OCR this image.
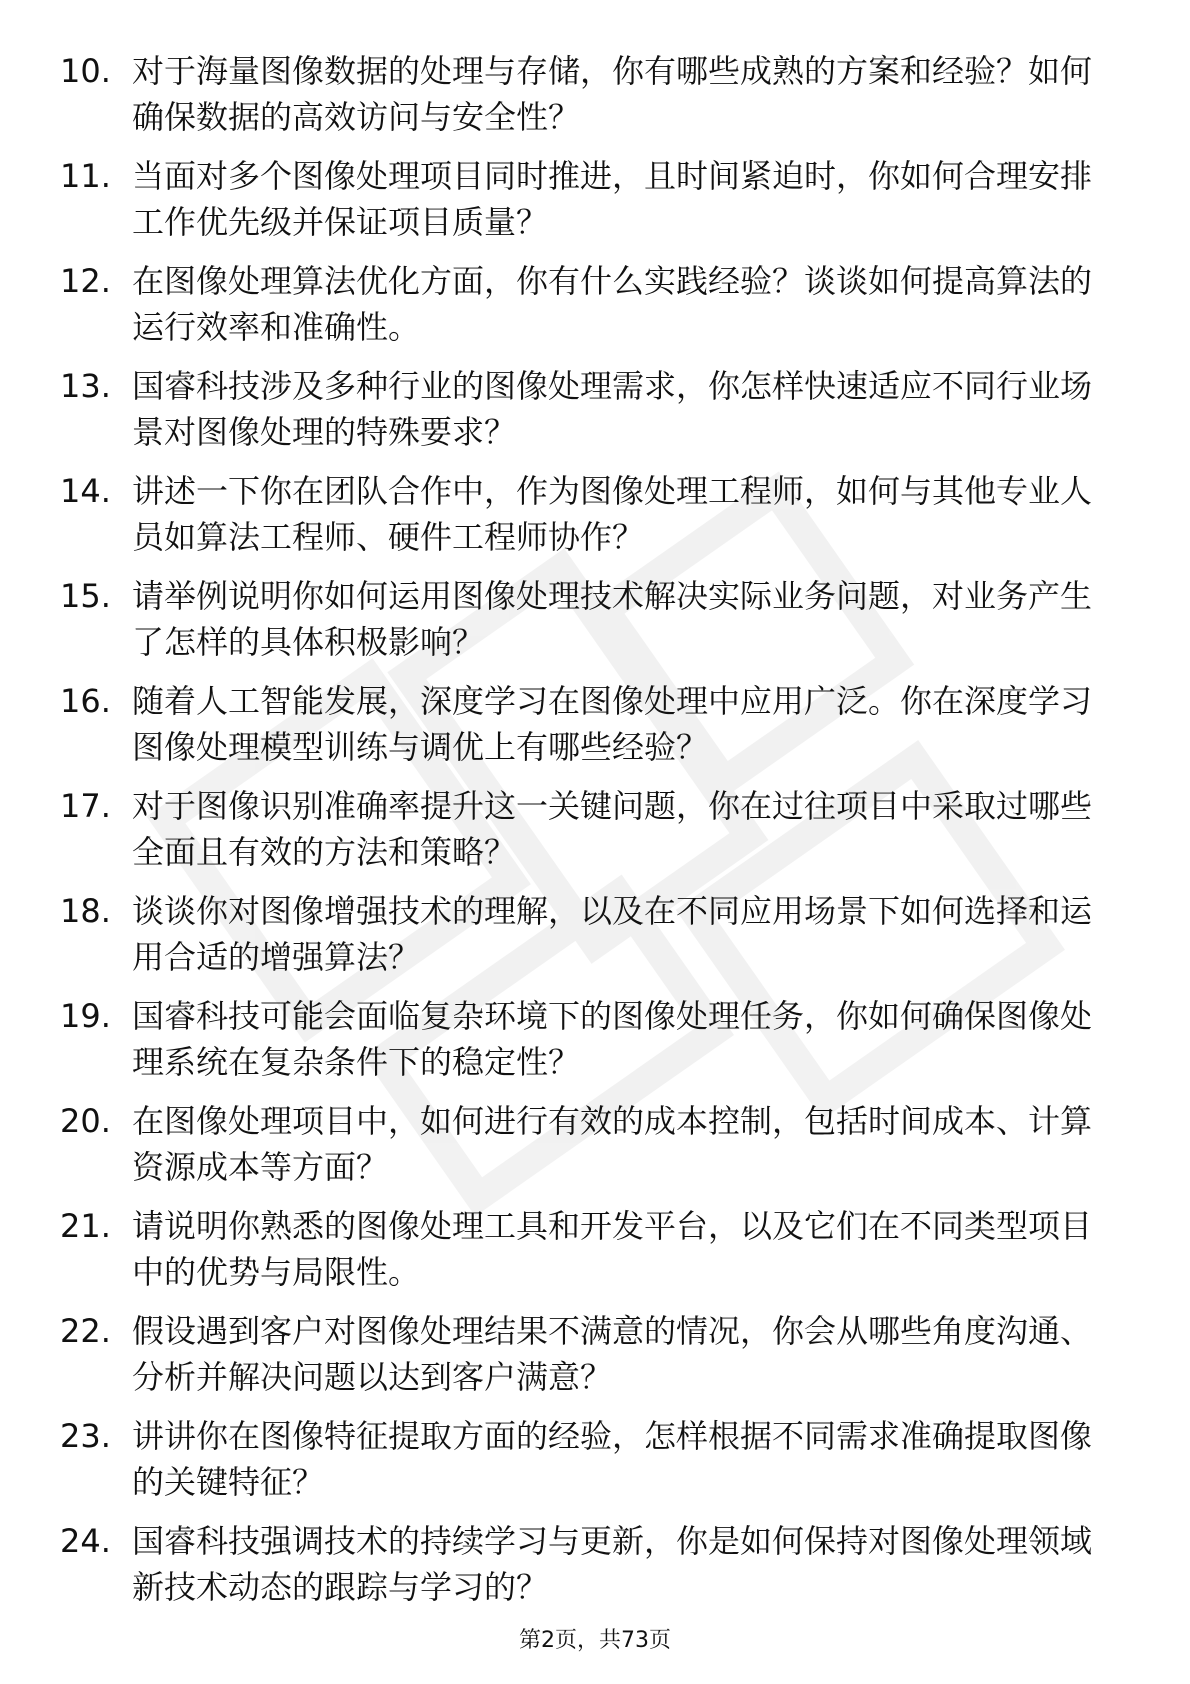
10. 对于海量图像数据的处理与存储，你有哪些成熟的方案和经验？如何确保数据的高效访问与安全性？
11. 当面对多个图像处理项目同时推进，且时间紧迫时，你如何合理安排工作优先级并保证项目质量？
12. 在图像处理算法优化方面，你有什么实践经验？谈谈如何提高算法的运行效率和准确性。
13. 国睿科技涉及多种行业的图像处理需求，你怎样快速适应不同行业场景对图像处理的特殊要求？
14. 讲述一下你在团队合作中，作为图像处理工程师，如何与其他专业人员如算法工程师、硬件工程师协作？
15. 请举例说明你如何运用图像处理技术解决实际业务问题，对业务产生了怎样的具体积极影响？
16. 随着人工智能发展，深度学习在图像处理中应用广泛。你在深度学习图像处理模型训练与调优上有哪些经验？
17. 对于图像识别准确率提升这一关键问题，你在过往项目中采取过哪些全面且有效的方法和策略？
18. 谈谈你对图像增强技术的理解，以及在不同应用场景下如何选择和运用合适的增强算法？
19. 国睿科技可能会面临复杂环境下的图像处理任务，你如何确保图像处理系统在复杂条件下的稳定性？
20. 在图像处理项目中，如何进行有效的成本控制，包括时间成本、计算资源成本等方面？
21. 请说明你熟悉的图像处理工具和开发平台，以及它们在不同类型项目中的优势与局限性。
22. 假设遇到客户对图像处理结果不满意的情况，你会从哪些角度沟通、分析并解决问题以达到客户满意？
23. 讲讲你在图像特征提取方面的经验，怎样根据不同需求准确提取图像的关键特征？
24. 国睿科技强调技术的持续学习与更新，你是如何保持对图像处理领域新技术动态的跟踪与学习的？
第2页，共73页
